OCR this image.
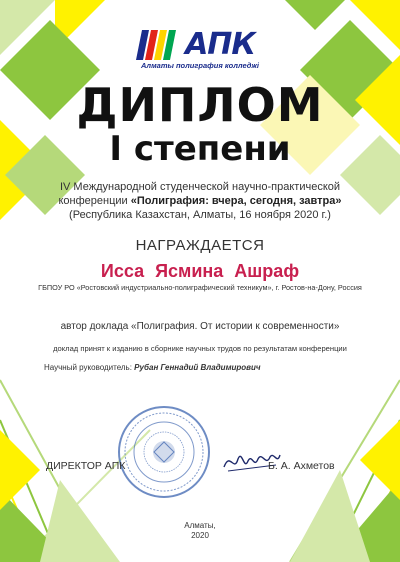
АПК
Алматы полиграфия колледжі
ДИПЛОМ
I степени
IV Международной студенческой научно-практической
конференции «Полиграфия: вчера, сегодня, завтра»
(Республика Казахстан, Алматы, 16 ноября 2020 г.)
НАГРАЖДАЕТСЯ
Исса Ясмина Ашраф
ГБПОУ РО «Ростовский индустриально-полиграфический техникум», г. Ростов-на-Дону, Россия
автор доклада «Полиграфия. От истории к современности»
доклад принят к изданию в сборнике научных трудов по результатам конференции
Научный руководитель: Рубан Геннадий Владимирович
ДИРЕКТОР АПК	Б. А. Ахметов
Алматы,
2020
